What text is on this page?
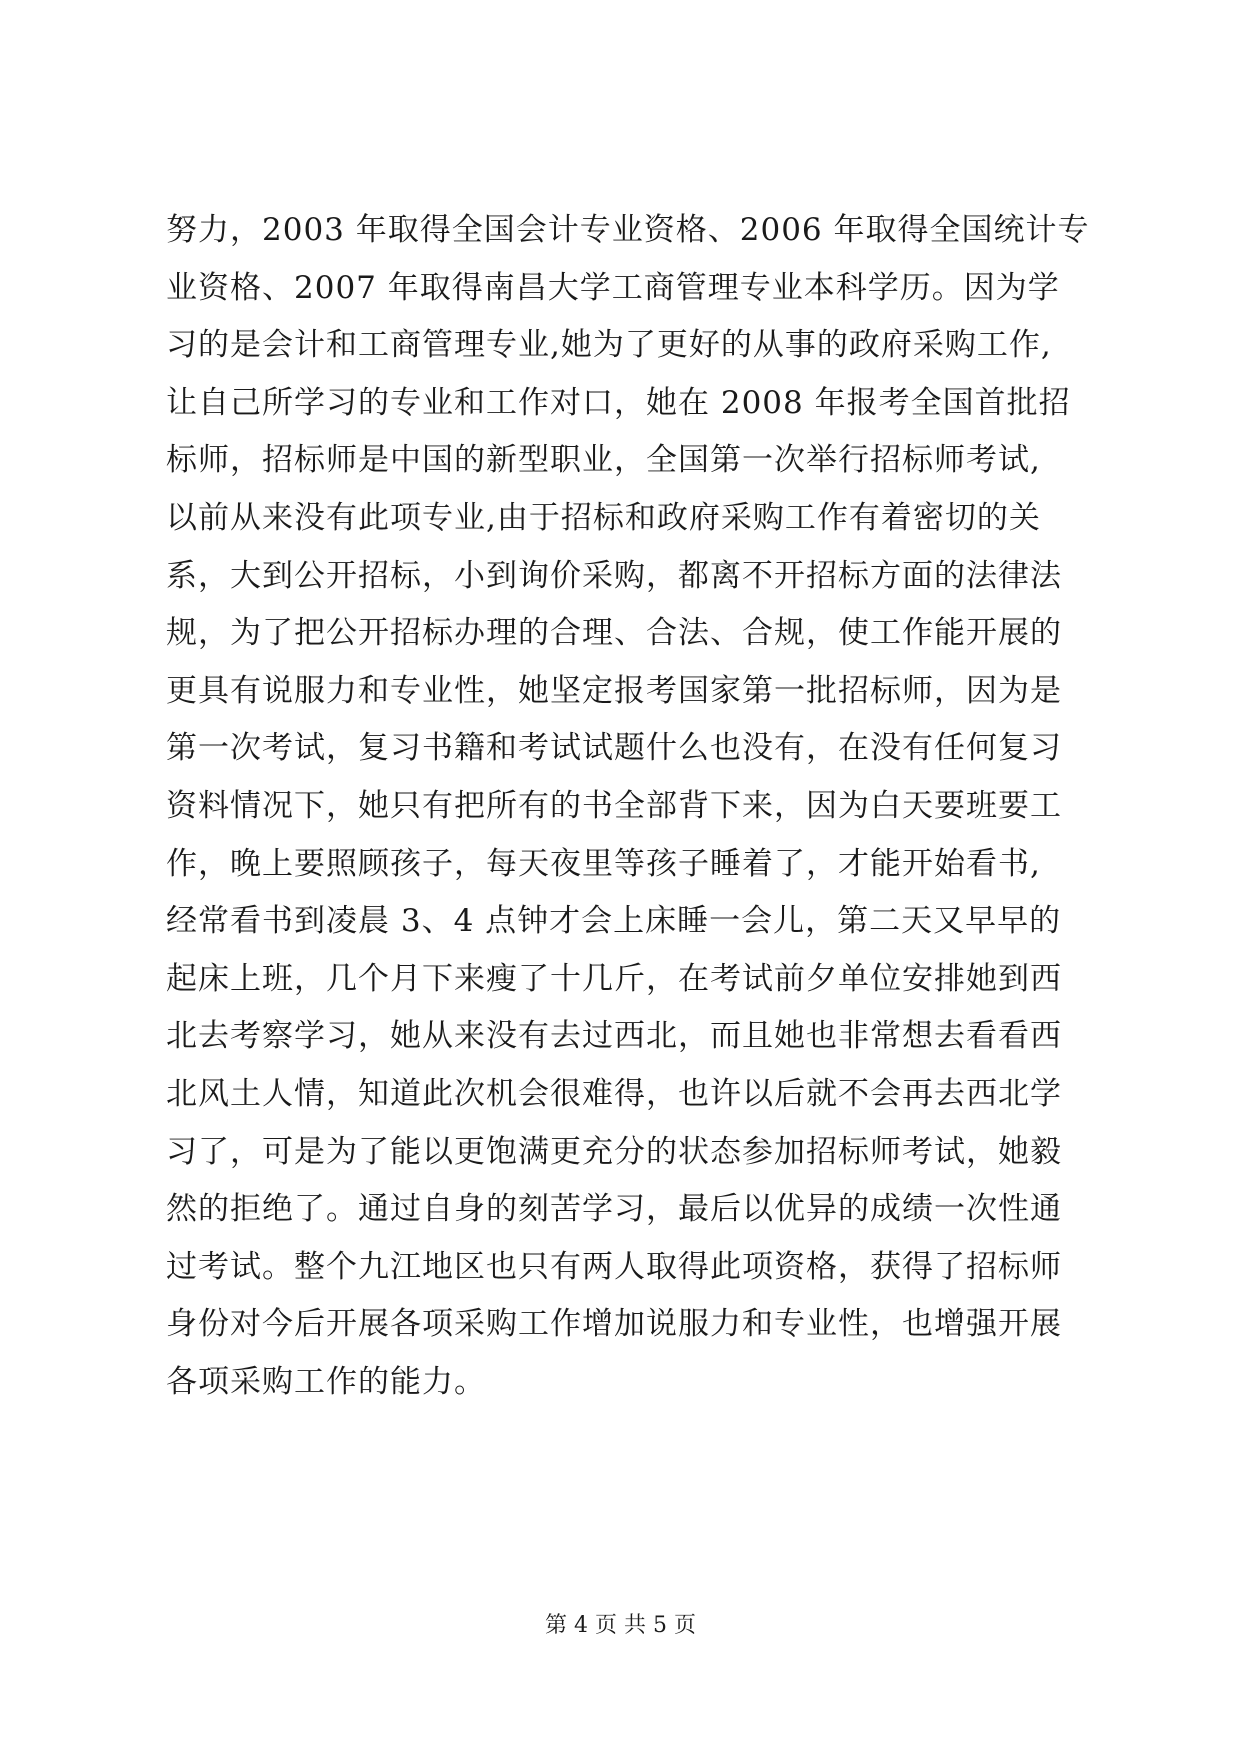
努力，2003 年取得全国会计专业资格、2006 年取得全国统计专
业资格、2007 年取得南昌大学工商管理专业本科学历。因为学
习的是会计和工商管理专业,她为了更好的从事的政府采购工作,
让自己所学习的专业和工作对口，她在 2008 年报考全国首批招
标师，招标师是中国的新型职业，全国第一次举行招标师考试,
以前从来没有此项专业,由于招标和政府采购工作有着密切的关
系，大到公开招标，小到询价采购，都离不开招标方面的法律法
规，为了把公开招标办理的合理、合法、合规，使工作能开展的
更具有说服力和专业性，她坚定报考国家第一批招标师，因为是
第一次考试，复习书籍和考试试题什么也没有，在没有任何复习
资料情况下，她只有把所有的书全部背下来，因为白天要班要工
作，晚上要照顾孩子，每天夜里等孩子睡着了，才能开始看书,
经常看书到凌晨 3、4 点钟才会上床睡一会儿，第二天又早早的
起床上班，几个月下来瘦了十几斤，在考试前夕单位安排她到西
北去考察学习，她从来没有去过西北，而且她也非常想去看看西
北风土人情，知道此次机会很难得，也许以后就不会再去西北学
习了，可是为了能以更饱满更充分的状态参加招标师考试，她毅
然的拒绝了。通过自身的刻苦学习，最后以优异的成绩一次性通
过考试。整个九江地区也只有两人取得此项资格，获得了招标师
身份对今后开展各项采购工作增加说服力和专业性，也增强开展
各项采购工作的能力。
第 4 页 共 5 页
